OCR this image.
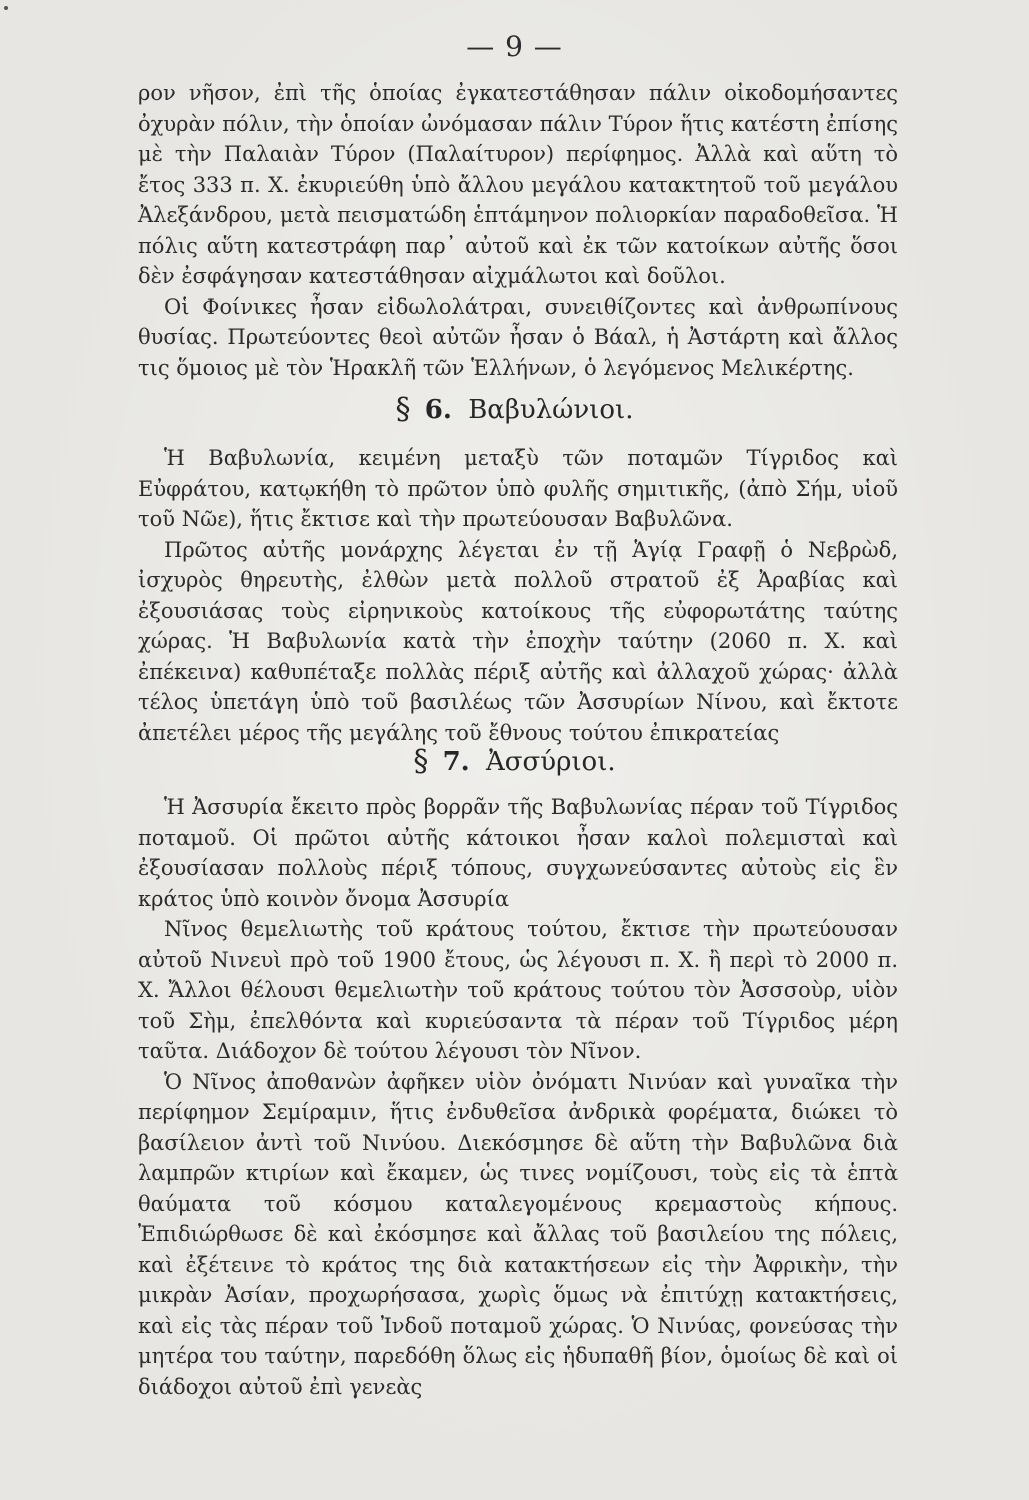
— 9 —

ρον νῆσον, ἐπὶ τῆς ὁποίας ἐγκατεστάθησαν πάλιν οἰκοδομήσαντες ὀχυρὰν πόλιν, τὴν ὁποίαν ὠνόμασαν πάλιν Τύρον ἥτις κατέστη ἐπίσης μὲ τὴν Παλαιὰν Τύρον (Παλαίτυρον) περίφημος. Ἀλλὰ καὶ αὕτη τὸ ἔτος 333 π. Χ. ἐκυριεύθη ὑπὸ ἄλλου μεγάλου κατακτητοῦ τοῦ μεγάλου Ἀλεξάνδρου, μετὰ πεισματώδη ἑπτάμηνον πολιορκίαν παραδοθεῖσα. Ἡ πόλις αὕτη κατεστράφη παρ᾽ αὐτοῦ καὶ ἐκ τῶν κατοίκων αὐτῆς ὅσοι δὲν ἐσφάγησαν κατεστάθησαν αἰχμάλωτοι καὶ δοῦλοι.

Οἱ Φοίνικες ἦσαν εἰδωλολάτραι, συνειθίζοντες καὶ ἀνθρωπίνους θυσίας. Πρωτεύοντες θεοὶ αὐτῶν ἦσαν ὁ Βάαλ, ἡ Ἀστάρτη καὶ ἄλλος τις ὅμοιος μὲ τὸν Ἡρακλῆ τῶν Ἑλλήνων, ὁ λεγόμενος Μελικέρτης.

§ 6. Βαβυλώνιοι.

Ἡ Βαβυλωνία, κειμένη μεταξὺ τῶν ποταμῶν Τίγριδος καὶ Εὐφράτου, κατῳκήθη τὸ πρῶτον ὑπὸ φυλῆς σημιτικῆς, (ἀπὸ Σήμ, υἱοῦ τοῦ Νῶε), ἥτις ἔκτισε καὶ τὴν πρωτεύουσαν Βαβυλῶνα.

Πρῶτος αὐτῆς μονάρχης λέγεται ἐν τῇ Ἁγίᾳ Γραφῇ ὁ Νεβρὼδ, ἰσχυρὸς θηρευτὴς, ἐλθὼν μετὰ πολλοῦ στρατοῦ ἐξ Ἀραβίας καὶ ἐξουσιάσας τοὺς εἰρηνικοὺς κατοίκους τῆς εὐφορωτάτης ταύτης χώρας. Ἡ Βαβυλωνία κατὰ τὴν ἐποχὴν ταύτην (2060 π. Χ. καὶ ἐπέκεινα) καθυπέταξε πολλὰς πέριξ αὐτῆς καὶ ἀλλαχοῦ χώρας· ἀλλὰ τέλος ὑπετάγη ὑπὸ τοῦ βασιλέως τῶν Ἀσσυρίων Νίνου, καὶ ἔκτοτε ἀπετέλει μέρος τῆς μεγάλης τοῦ ἔθνους τούτου ἐπικρατείας

§ 7. Ἀσσύριοι.

Ἡ Ἀσσυρία ἔκειτο πρὸς βορρᾶν τῆς Βαβυλωνίας πέραν τοῦ Τίγριδος ποταμοῦ. Οἱ πρῶτοι αὐτῆς κάτοικοι ἦσαν καλοὶ πολεμισταὶ καὶ ἐξουσίασαν πολλοὺς πέριξ τόπους, συγχωνεύσαντες αὐτοὺς εἰς ἓν κράτος ὑπὸ κοινὸν ὄνομα Ἀσσυρία

Νῖνος θεμελιωτὴς τοῦ κράτους τούτου, ἔκτισε τὴν πρωτεύουσαν αὐτοῦ Νινευὶ πρὸ τοῦ 1900 ἔτους, ὡς λέγουσι π. Χ. ἢ περὶ τὸ 2000 π. Χ. Ἄλλοι θέλουσι θεμελιωτὴν τοῦ κράτους τούτου τὸν Ἀσσσοὺρ, υἱὸν τοῦ Σὴμ, ἐπελθόντα καὶ κυριεύσαντα τὰ πέραν τοῦ Τίγριδος μέρη ταῦτα. Διάδοχον δὲ τούτου λέγουσι τὸν Νῖνον.

Ὁ Νῖνος ἀποθανὼν ἀφῆκεν υἱὸν ὀνόματι Νινύαν καὶ γυναῖκα τὴν περίφημον Σεμίραμιν, ἥτις ἐνδυθεῖσα ἀνδρικὰ φορέματα, διώκει τὸ βασίλειον ἀντὶ τοῦ Νινύου. Διεκόσμησε δὲ αὕτη τὴν Βαβυλῶνα διὰ λαμπρῶν κτιρίων καὶ ἔκαμεν, ὡς τινες νομίζουσι, τοὺς εἰς τὰ ἑπτὰ θαύματα τοῦ κόσμου καταλεγομένους κρεμαστοὺς κήπους. Ἐπιδιώρθωσε δὲ καὶ ἐκόσμησε καὶ ἄλλας τοῦ βασιλείου της πόλεις, καὶ ἐξέτεινε τὸ κράτος της διὰ κατακτήσεων εἰς τὴν Ἀφρικὴν, τὴν μικρὰν Ἀσίαν, προχωρήσασα, χωρὶς ὅμως νὰ ἐπιτύχῃ κατακτήσεις, καὶ εἰς τὰς πέραν τοῦ Ἰνδοῦ ποταμοῦ χώρας. Ὁ Νινύας, φονεύσας τὴν μητέρα του ταύτην, παρεδόθη ὅλως εἰς ἡδυπαθῆ βίον, ὁμοίως δὲ καὶ οἱ διάδοχοι αὐτοῦ ἐπὶ γενεὰς
